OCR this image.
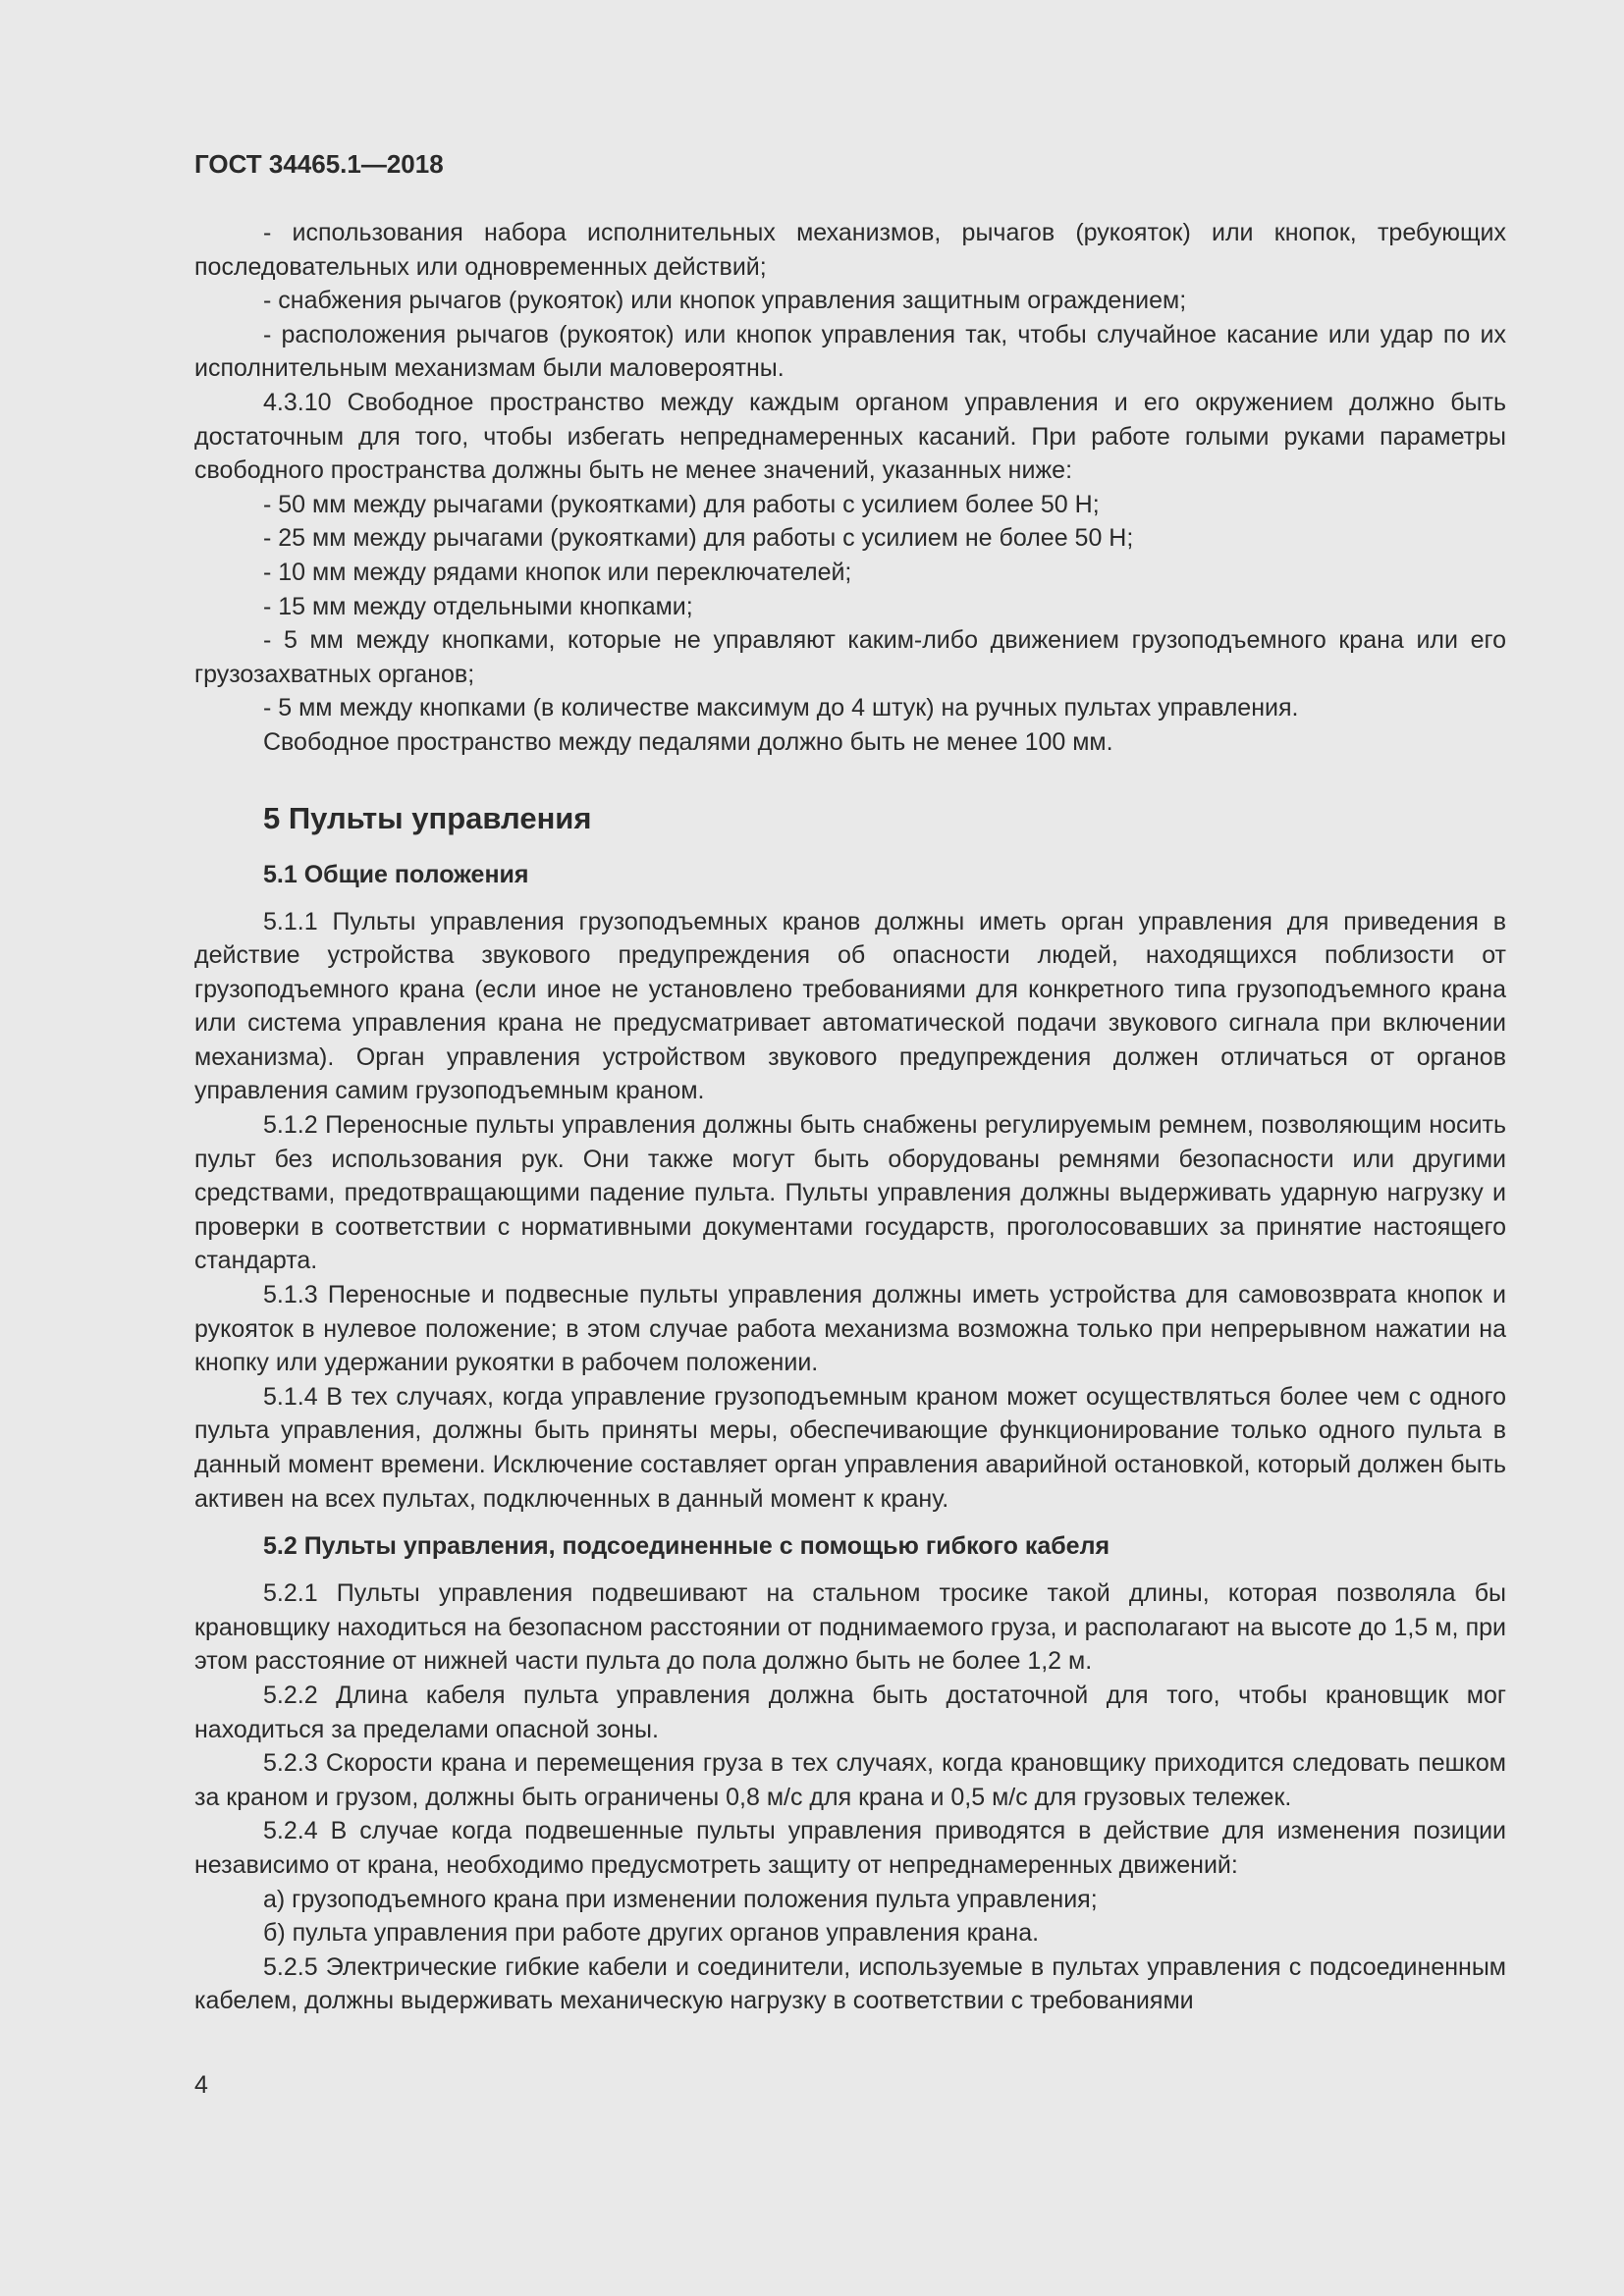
ГОСТ 34465.1—2018

- использования набора исполнительных механизмов, рычагов (рукояток) или кнопок, требующих последовательных или одновременных действий;

- снабжения рычагов (рукояток) или кнопок управления защитным ограждением;

- расположения рычагов (рукояток) или кнопок управления так, чтобы случайное касание или удар по их исполнительным механизмам были маловероятны.

4.3.10 Свободное пространство между каждым органом управления и его окружением должно быть достаточным для того, чтобы избегать непреднамеренных касаний. При работе голыми руками параметры свободного пространства должны быть не менее значений, указанных ниже:

- 50 мм между рычагами (рукоятками) для работы с усилием более 50 Н;

- 25 мм между рычагами (рукоятками) для работы с усилием не более 50 Н;

- 10 мм между рядами кнопок или переключателей;

- 15 мм между отдельными кнопками;

- 5 мм между кнопками, которые не управляют каким-либо движением грузоподъемного крана или его грузозахватных органов;

- 5 мм между кнопками (в количестве максимум до 4 штук) на ручных пультах управления.

Свободное пространство между педалями должно быть не менее 100 мм.

5 Пульты управления
5.1 Общие положения

5.1.1 Пульты управления грузоподъемных кранов должны иметь орган управления для приведения в действие устройства звукового предупреждения об опасности людей, находящихся поблизости от грузоподъемного крана (если иное не установлено требованиями для конкретного типа грузоподъемного крана или система управления крана не предусматривает автоматической подачи звукового сигнала при включении механизма). Орган управления устройством звукового предупреждения должен отличаться от органов управления самим грузоподъемным краном.

5.1.2 Переносные пульты управления должны быть снабжены регулируемым ремнем, позволяющим носить пульт без использования рук. Они также могут быть оборудованы ремнями безопасности или другими средствами, предотвращающими падение пульта. Пульты управления должны выдерживать ударную нагрузку и проверки в соответствии с нормативными документами государств, проголосовавших за принятие настоящего стандарта.

5.1.3 Переносные и подвесные пульты управления должны иметь устройства для самовозврата кнопок и рукояток в нулевое положение; в этом случае работа механизма возможна только при непрерывном нажатии на кнопку или удержании рукоятки в рабочем положении.

5.1.4 В тех случаях, когда управление грузоподъемным краном может осуществляться более чем с одного пульта управления, должны быть приняты меры, обеспечивающие функционирование только одного пульта в данный момент времени. Исключение составляет орган управления аварийной остановкой, который должен быть активен на всех пультах, подключенных в данный момент к крану.

5.2 Пульты управления, подсоединенные с помощью гибкого кабеля

5.2.1 Пульты управления подвешивают на стальном тросике такой длины, которая позволяла бы крановщику находиться на безопасном расстоянии от поднимаемого груза, и располагают на высоте до 1,5 м, при этом расстояние от нижней части пульта до пола должно быть не более 1,2 м.

5.2.2 Длина кабеля пульта управления должна быть достаточной для того, чтобы крановщик мог находиться за пределами опасной зоны.

5.2.3 Скорости крана и перемещения груза в тех случаях, когда крановщику приходится следовать пешком за краном и грузом, должны быть ограничены 0,8 м/с для крана и 0,5 м/с для грузовых тележек.

5.2.4 В случае когда подвешенные пульты управления приводятся в действие для изменения позиции независимо от крана, необходимо предусмотреть защиту от непреднамеренных движений:

а) грузоподъемного крана при изменении положения пульта управления;

б) пульта управления при работе других органов управления крана.

5.2.5 Электрические гибкие кабели и соединители, используемые в пультах управления с подсоединенным кабелем, должны выдерживать механическую нагрузку в соответствии с требованиями

4
